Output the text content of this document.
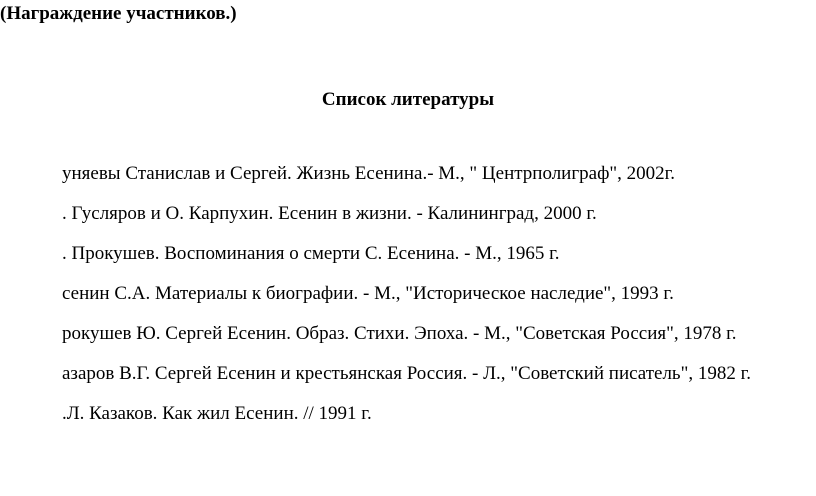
(Награждение участников.)
Список литературы
уняевы Станислав и Сергей. Жизнь Есенина.- М., " Центрполиграф", 2002г.
. Гусляров и О. Карпухин. Есенин в жизни. - Калининград, 2000 г.
. Прокушев. Воспоминания о смерти С. Есенина. - М., 1965 г.
сенин С.А. Материалы к биографии. - М., "Историческое наследие", 1993 г.
рокушев Ю. Сергей Есенин. Образ. Стихи. Эпоха. - М., "Советская Россия", 1978 г.
азаров В.Г. Сергей Есенин и крестьянская Россия. - Л., "Советский писатель", 1982 г.
.Л. Казаков. Как жил Есенин. // 1991 г.
